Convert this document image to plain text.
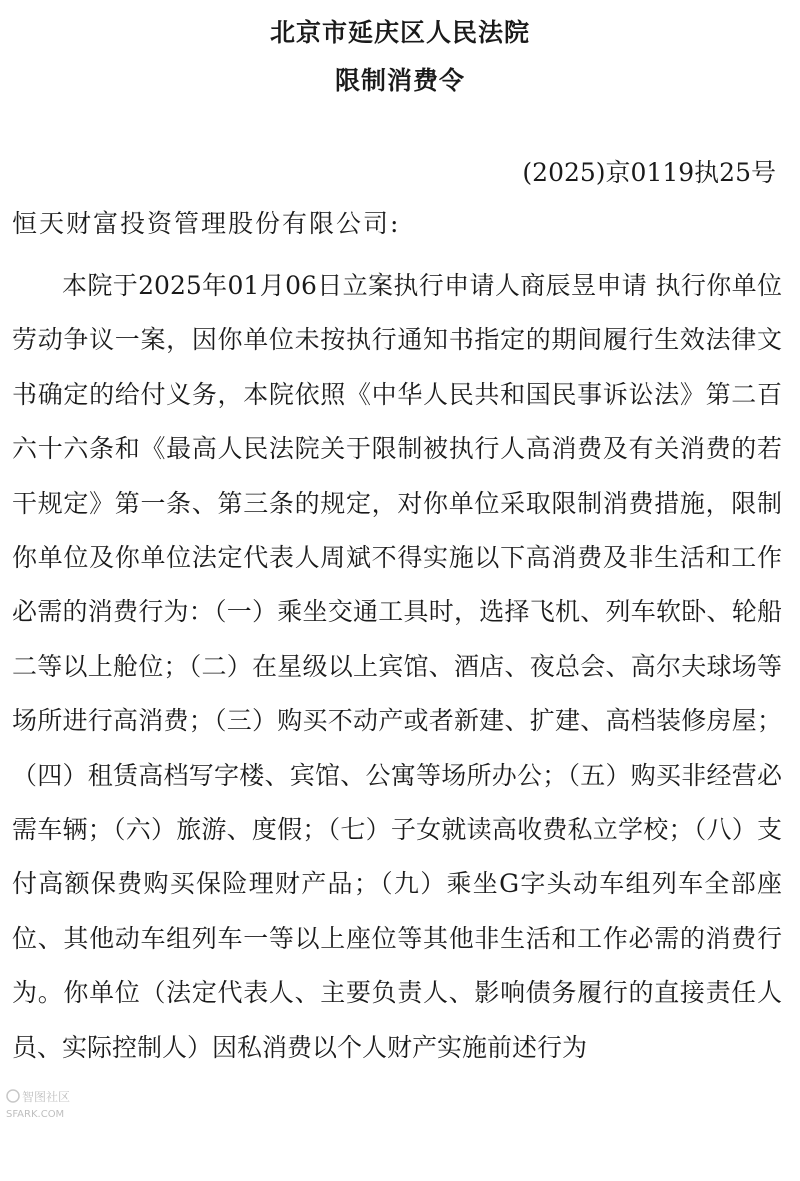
北京市延庆区人民法院
限制消费令
(2025)京0119执25号
恒天财富投资管理股份有限公司:

本院于2025年01月06日立案执行申请人商辰昱申请 执行你单位劳动争议一案，因你单位未按执行通知书指定的期间履行生效法律文书确定的给付义务，本院依照《中华人民共和国民事诉讼法》第二百六十六条和《最高人民法院关于限制被执行人高消费及有关消费的若干规定》第一条、第三条的规定，对你单位采取限制消费措施，限制你单位及你单位法定代表人周斌不得实施以下高消费及非生活和工作必需的消费行为：（一）乘坐交通工具时，选择飞机、列车软卧、轮船二等以上舱位；（二）在星级以上宾馆、酒店、夜总会、高尔夫球场等场所进行高消费；（三）购买不动产或者新建、扩建、高档装修房屋；（四）租赁高档写字楼、宾馆、公寓等场所办公；（五）购买非经营必需车辆；（六）旅游、度假；（七）子女就读高收费私立学校；（八）支付高额保费购买保险理财产品；（九）乘坐G字头动车组列车全部座位、其他动车组列车一等以上座位等其他非生活和工作必需的消费行为。你单位（法定代表人、主要负责人、影响债务履行的直接责任人员、实际控制人）因私消费以个人财产实施前述行为

智图社区
SFARK.COM
